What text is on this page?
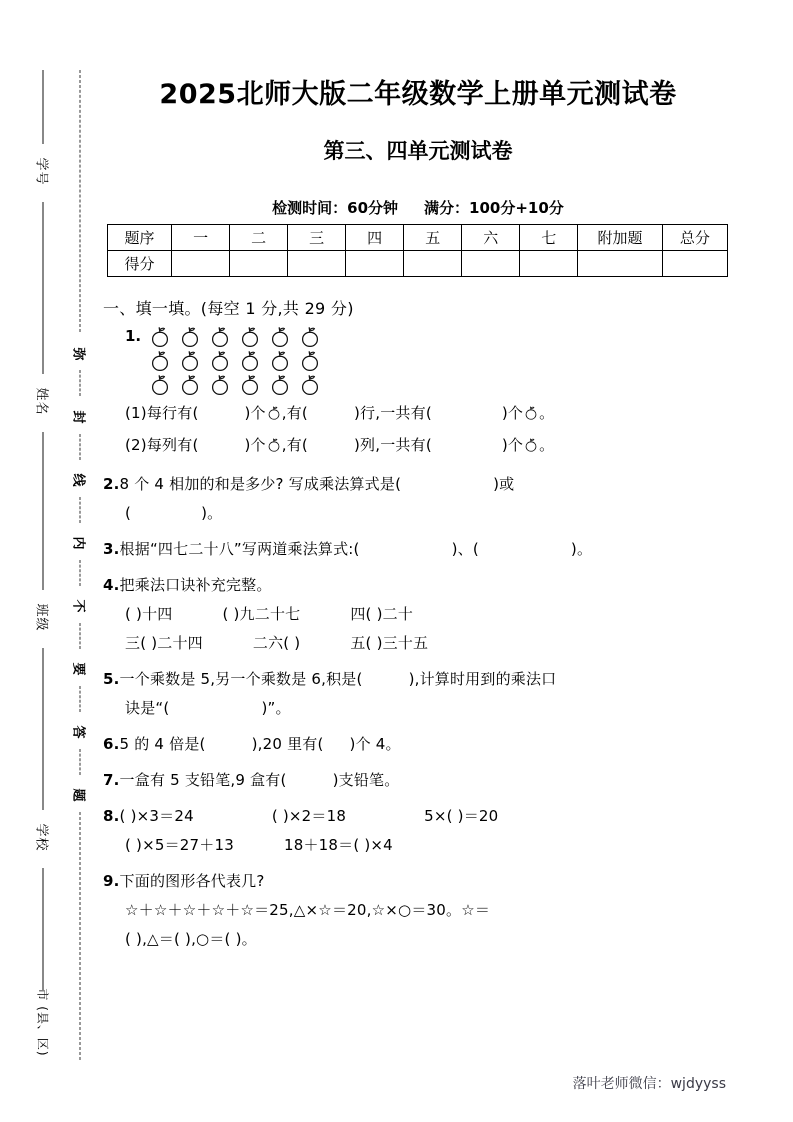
学号
姓名
班级
学校
市 (县、区)
弥
封
线
内
不
要
答
题
2025北师大版二年级数学上册单元测试卷
第三、四单元测试卷
检测时间：60分钟 满分：100分+10分
题序	一	二	三	四	五	六	七	附加题	总分
得分									
一、填一填。(每空 1 分,共 29 分)
1.
(1)每行有(	)个 ,有(	)行,一共有(	)个 。
(2)每列有(	)个 ,有(	)列,一共有(	)个 。
2.8 个 4 相加的和是多少? 写成乘法算式是(	)或
(	)。
3.根据“四七二十八”写两道乘法算式:(	)、(	)。
4.把乘法口诀补充完整。
( )十四	( )九二十七	四( )二十
三( )二十四	二六( )	五( )三十五
5.一个乘数是 5,另一个乘数是 6,积是(	),计算时用到的乘法口
诀是“(	)”。
6.5 的 4 倍是(	),20 里有( )个 4。
7.一盒有 5 支铅笔,9 盒有(	)支铅笔。
8.( )×3＝24	( )×2＝18	5×( )＝20
( )×5＝27＋13	18＋18＝( )×4
9.下面的图形各代表几?
☆＋☆＋☆＋☆＋☆＝25,△×☆＝20,☆×○＝30。☆＝
( ),△＝( ),○＝( )。
落叶老师微信：wjdyyss
